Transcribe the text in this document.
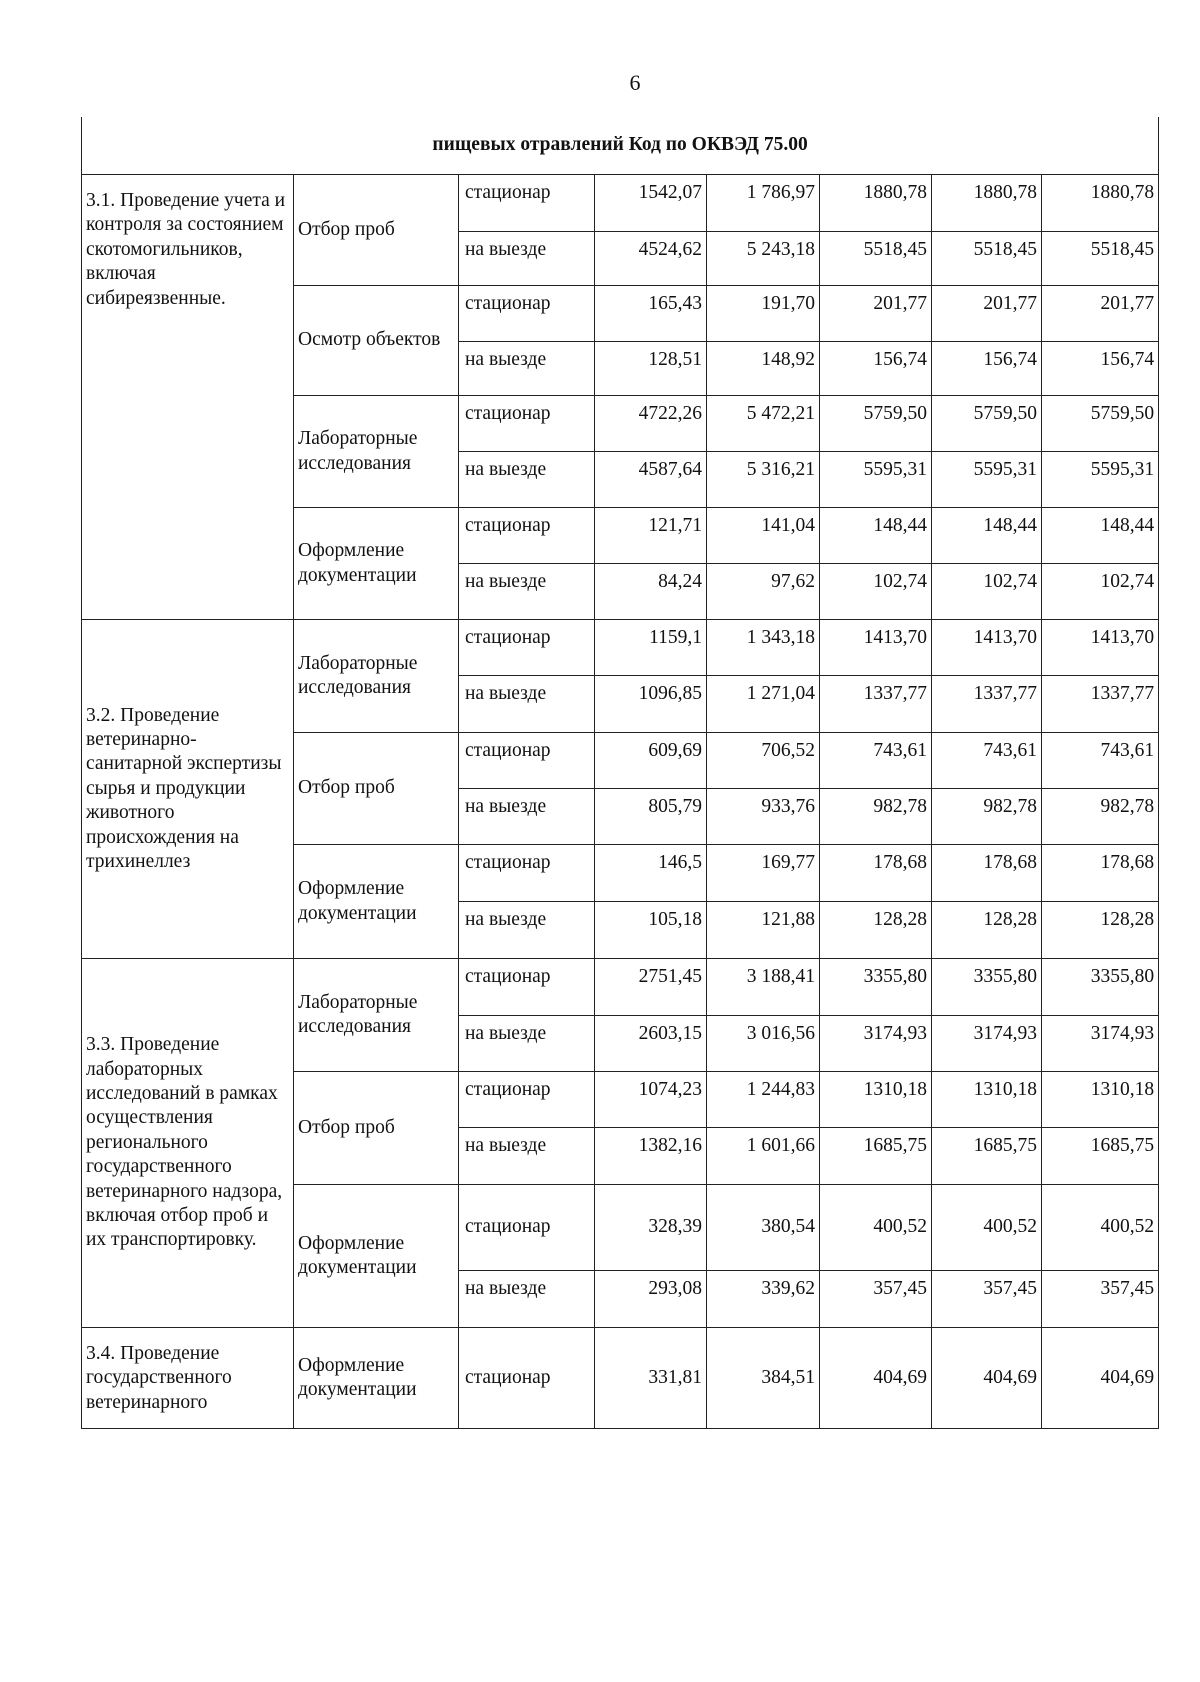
6
пищевых отравлений Код по ОКВЭД 75.00							
3.1. Проведение учета и контроля за состоянием скотомогильников, включая сибиреязвенные.	Отбор проб	стационар	1542,07	1 786,97	1880,78	1880,78	1880,78
		на выезде	4524,62	5 243,18	5518,45	5518,45	5518,45
	Осмотр объектов	стационар	165,43	191,70	201,77	201,77	201,77
		на выезде	128,51	148,92	156,74	156,74	156,74
	Лабораторные исследования	стационар	4722,26	5 472,21	5759,50	5759,50	5759,50
		на выезде	4587,64	5 316,21	5595,31	5595,31	5595,31
	Оформление документации	стационар	121,71	141,04	148,44	148,44	148,44
		на выезде	84,24	97,62	102,74	102,74	102,74
3.2. Проведение ветеринарно-санитарной экспертизы сырья и продукции животного происхождения на трихинеллез	Лабораторные исследования	стационар	1159,1	1 343,18	1413,70	1413,70	1413,70
		на выезде	1096,85	1 271,04	1337,77	1337,77	1337,77
	Отбор проб	стационар	609,69	706,52	743,61	743,61	743,61
		на выезде	805,79	933,76	982,78	982,78	982,78
	Оформление документации	стационар	146,5	169,77	178,68	178,68	178,68
		на выезде	105,18	121,88	128,28	128,28	128,28
3.3. Проведение лабораторных исследований в рамках осуществления регионального государственного ветеринарного надзора, включая отбор проб и их транспортировку.	Лабораторные исследования	стационар	2751,45	3 188,41	3355,80	3355,80	3355,80
		на выезде	2603,15	3 016,56	3174,93	3174,93	3174,93
	Отбор проб	стационар	1074,23	1 244,83	1310,18	1310,18	1310,18
		на выезде	1382,16	1 601,66	1685,75	1685,75	1685,75
	Оформление документации	стационар	328,39	380,54	400,52	400,52	400,52
		на выезде	293,08	339,62	357,45	357,45	357,45
3.4. Проведение государственного ветеринарного	Оформление документации	стационар	331,81	384,51	404,69	404,69	404,69
